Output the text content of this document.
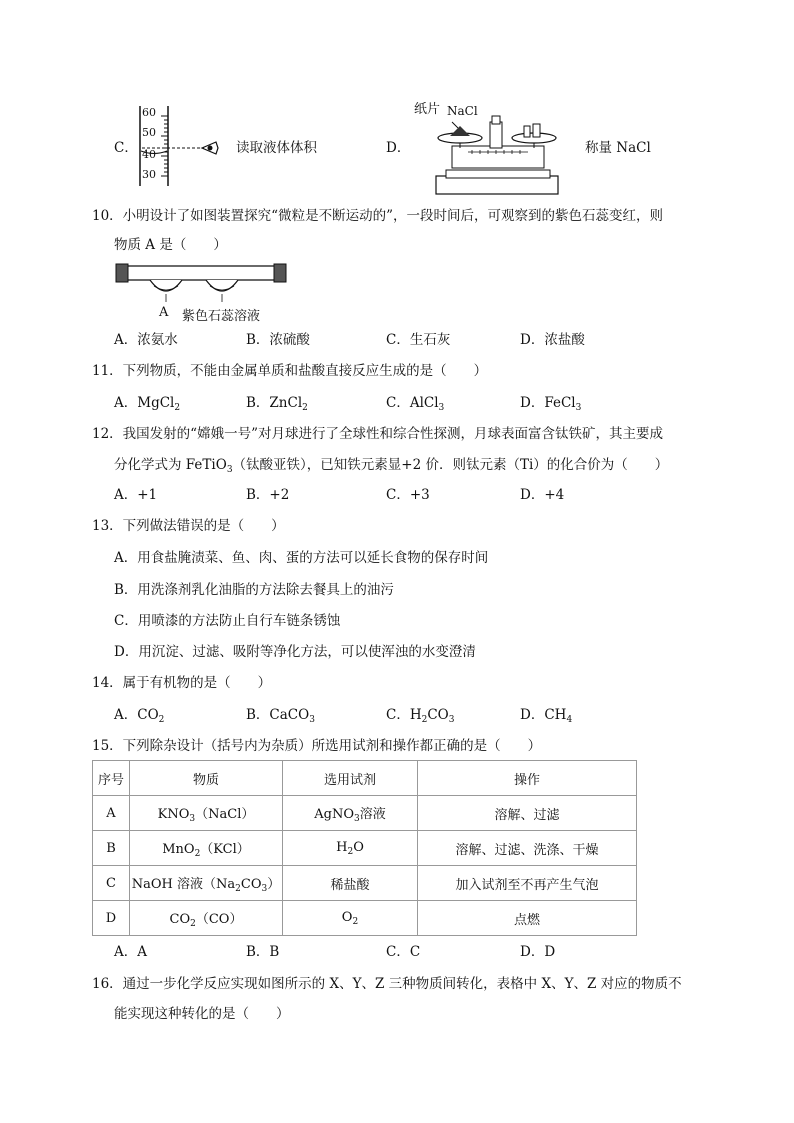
C．
60
50
40
30
读取液体体积	D．
纸片 NaCl
称量 NaCl
10．小明设计了如图装置探究“微粒是不断运动的”，一段时间后，可观察到的紫色石蕊变红，则
物质 A 是（　　）
A 紫色石蕊溶液
A．浓氨水	B．浓硫酸	C．生石灰	D．浓盐酸
11．下列物质，不能由金属单质和盐酸直接反应生成的是（　　）
A．MgCl$_2$	B．ZnCl$_2$	C．AlCl$_3$	D．FeCl$_3$
12．我国发射的“嫦娥一号”对月球进行了全球性和综合性探测，月球表面富含钛铁矿，其主要成
分化学式为 FeTiO$_3$（钛酸亚铁），已知铁元素显+2 价．则钛元素（Ti）的化合价为（　　）
A．+1	B．+2	C．+3	D．+4
13．下列做法错误的是（　　）
A．用食盐腌渍菜、鱼、肉、蛋的方法可以延长食物的保存时间
B．用洗涤剂乳化油脂的方法除去餐具上的油污
C．用喷漆的方法防止自行车链条锈蚀
D．用沉淀、过滤、吸附等净化方法，可以使浑浊的水变澄清
14．属于有机物的是（　　）
A．$CO_2$	B．CaCO$_3$	C．$H_2CO_3$	D．$CH_4$
15．下列除杂设计（括号内为杂质）所选用试剂和操作都正确的是（　　）
序号	物质	选用试剂	操作
A	$KNO_3(NaCl)$	AgNO$_3$溶液	溶解、过滤
B	MnO$_2$（KCl）	$H_2O$	溶解、过滤、洗涤、干燥
C	NaOH 溶液$(Na_2CO_3)$	稀盐酸	加入试剂至不再产生气泡
D	$CO_2(CO)$	$O_2$	点燃
A．A	B．B	C．C	D．D
16．通过一步化学反应实现如图所示的 X、Y、Z 三种物质间转化，表格中 X、Y、Z 对应的物质不
能实现这种转化的是（　　）
